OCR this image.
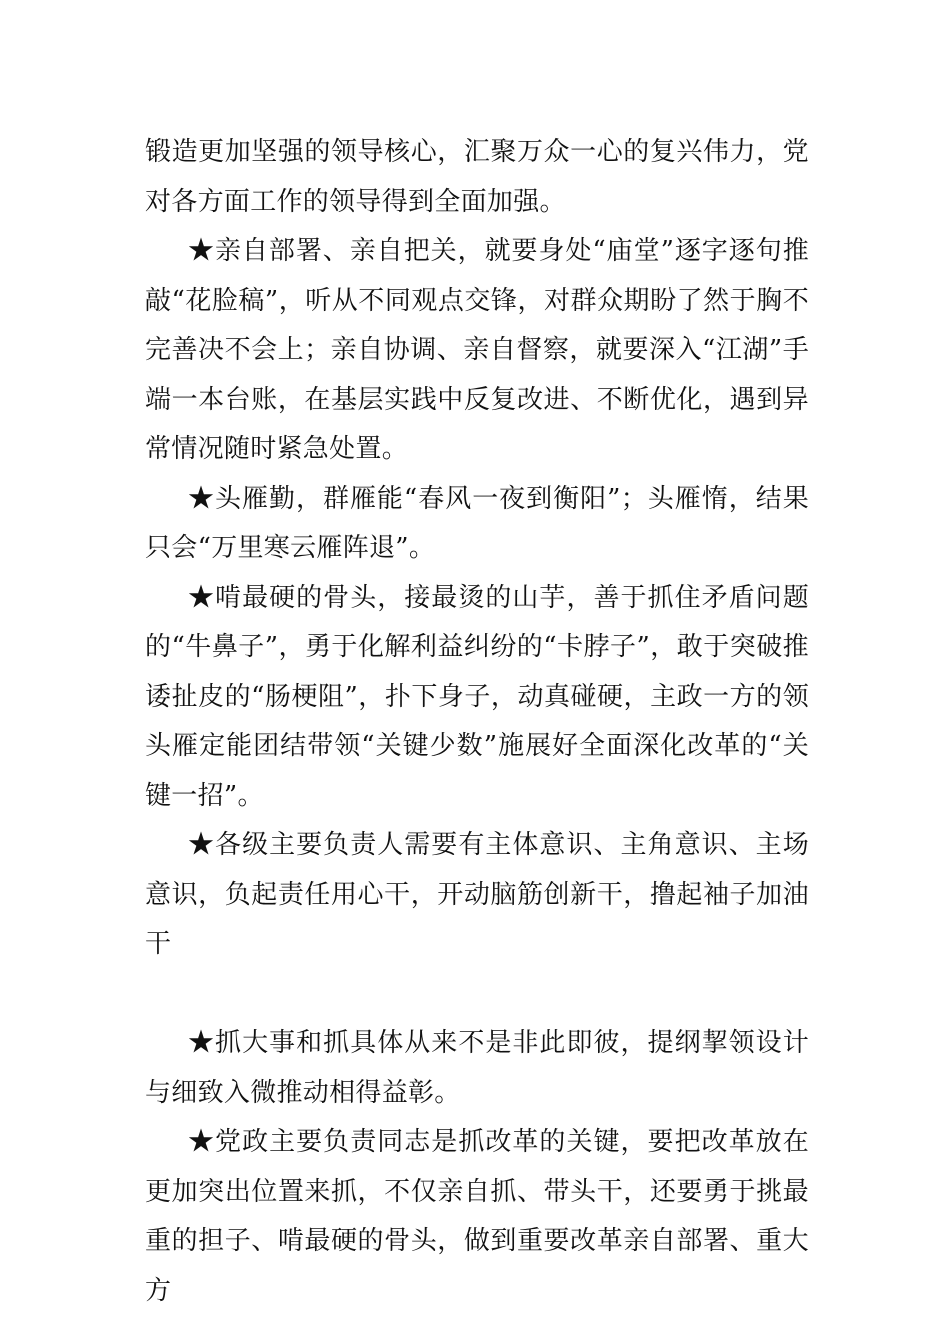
锻造更加坚强的领导核心，汇聚万众一心的复兴伟力，党对各方面工作的领导得到全面加强。

★亲自部署、亲自把关，就要身处“庙堂”逐字逐句推敲“花脸稿”，听从不同观点交锋，对群众期盼了然于胸不完善决不会上；亲自协调、亲自督察，就要深入“江湖”手端一本台账，在基层实践中反复改进、不断优化，遇到异常情况随时紧急处置。

★头雁勤，群雁能“春风一夜到衡阳”；头雁惰，结果只会“万里寒云雁阵退”。

★啃最硬的骨头，接最烫的山芋，善于抓住矛盾问题的“牛鼻子”，勇于化解利益纠纷的“卡脖子”，敢于突破推诿扯皮的“肠梗阻”，扑下身子，动真碰硬，主政一方的领头雁定能团结带领“关键少数”施展好全面深化改革的“关键一招”。

★各级主要负责人需要有主体意识、主角意识、主场意识，负起责任用心干，开动脑筋创新干，撸起袖子加油干

★抓大事和抓具体从来不是非此即彼，提纲挈领设计与细致入微推动相得益彰。

★党政主要负责同志是抓改革的关键，要把改革放在更加突出位置来抓，不仅亲自抓、带头干，还要勇于挑最重的担子、啃最硬的骨头，做到重要改革亲自部署、重大方
